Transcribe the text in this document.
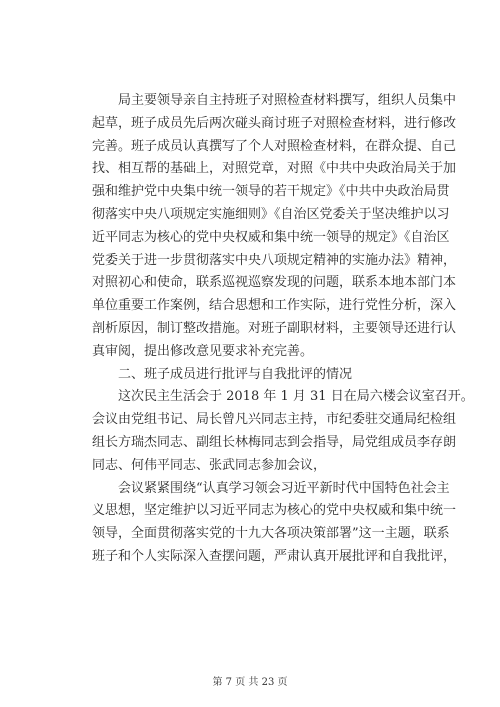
　　局主要领导亲自主持班子对照检查材料撰写，组织人员集中
起草，班子成员先后两次碰头商讨班子对照检查材料，进行修改
完善。班子成员认真撰写了个人对照检查材料，在群众提、自己
找、相互帮的基础上，对照党章，对照《中共中央政治局关于加
强和维护党中央集中统一领导的若干规定》《中共中央政治局贯
彻落实中央八项规定实施细则》《自治区党委关于坚决维护以习
近平同志为核心的党中央权威和集中统一领导的规定》《自治区
党委关于进一步贯彻落实中央八项规定精神的实施办法》精神，
对照初心和使命，联系巡视巡察发现的问题，联系本地本部门本
单位重要工作案例，结合思想和工作实际，进行党性分析，深入
剖析原因，制订整改措施。对班子副职材料，主要领导还进行认
真审阅，提出修改意见要求补充完善。
　　二、班子成员进行批评与自我批评的情况
　　这次民主生活会于 2018 年 1 月 31 日在局六楼会议室召开。
会议由党组书记、局长曾凡兴同志主持，市纪委驻交通局纪检组
组长方瑞杰同志、副组长林梅同志到会指导，局党组成员李存朗
同志、何伟平同志、张武同志参加会议，
　　会议紧紧围绕“认真学习领会习近平新时代中国特色社会主
义思想，坚定维护以习近平同志为核心的党中央权威和集中统一
领导，全面贯彻落实党的十九大各项决策部署”这一主题，联系
班子和个人实际深入查摆问题，严肃认真开展批评和自我批评，
第 7 页 共 23 页
